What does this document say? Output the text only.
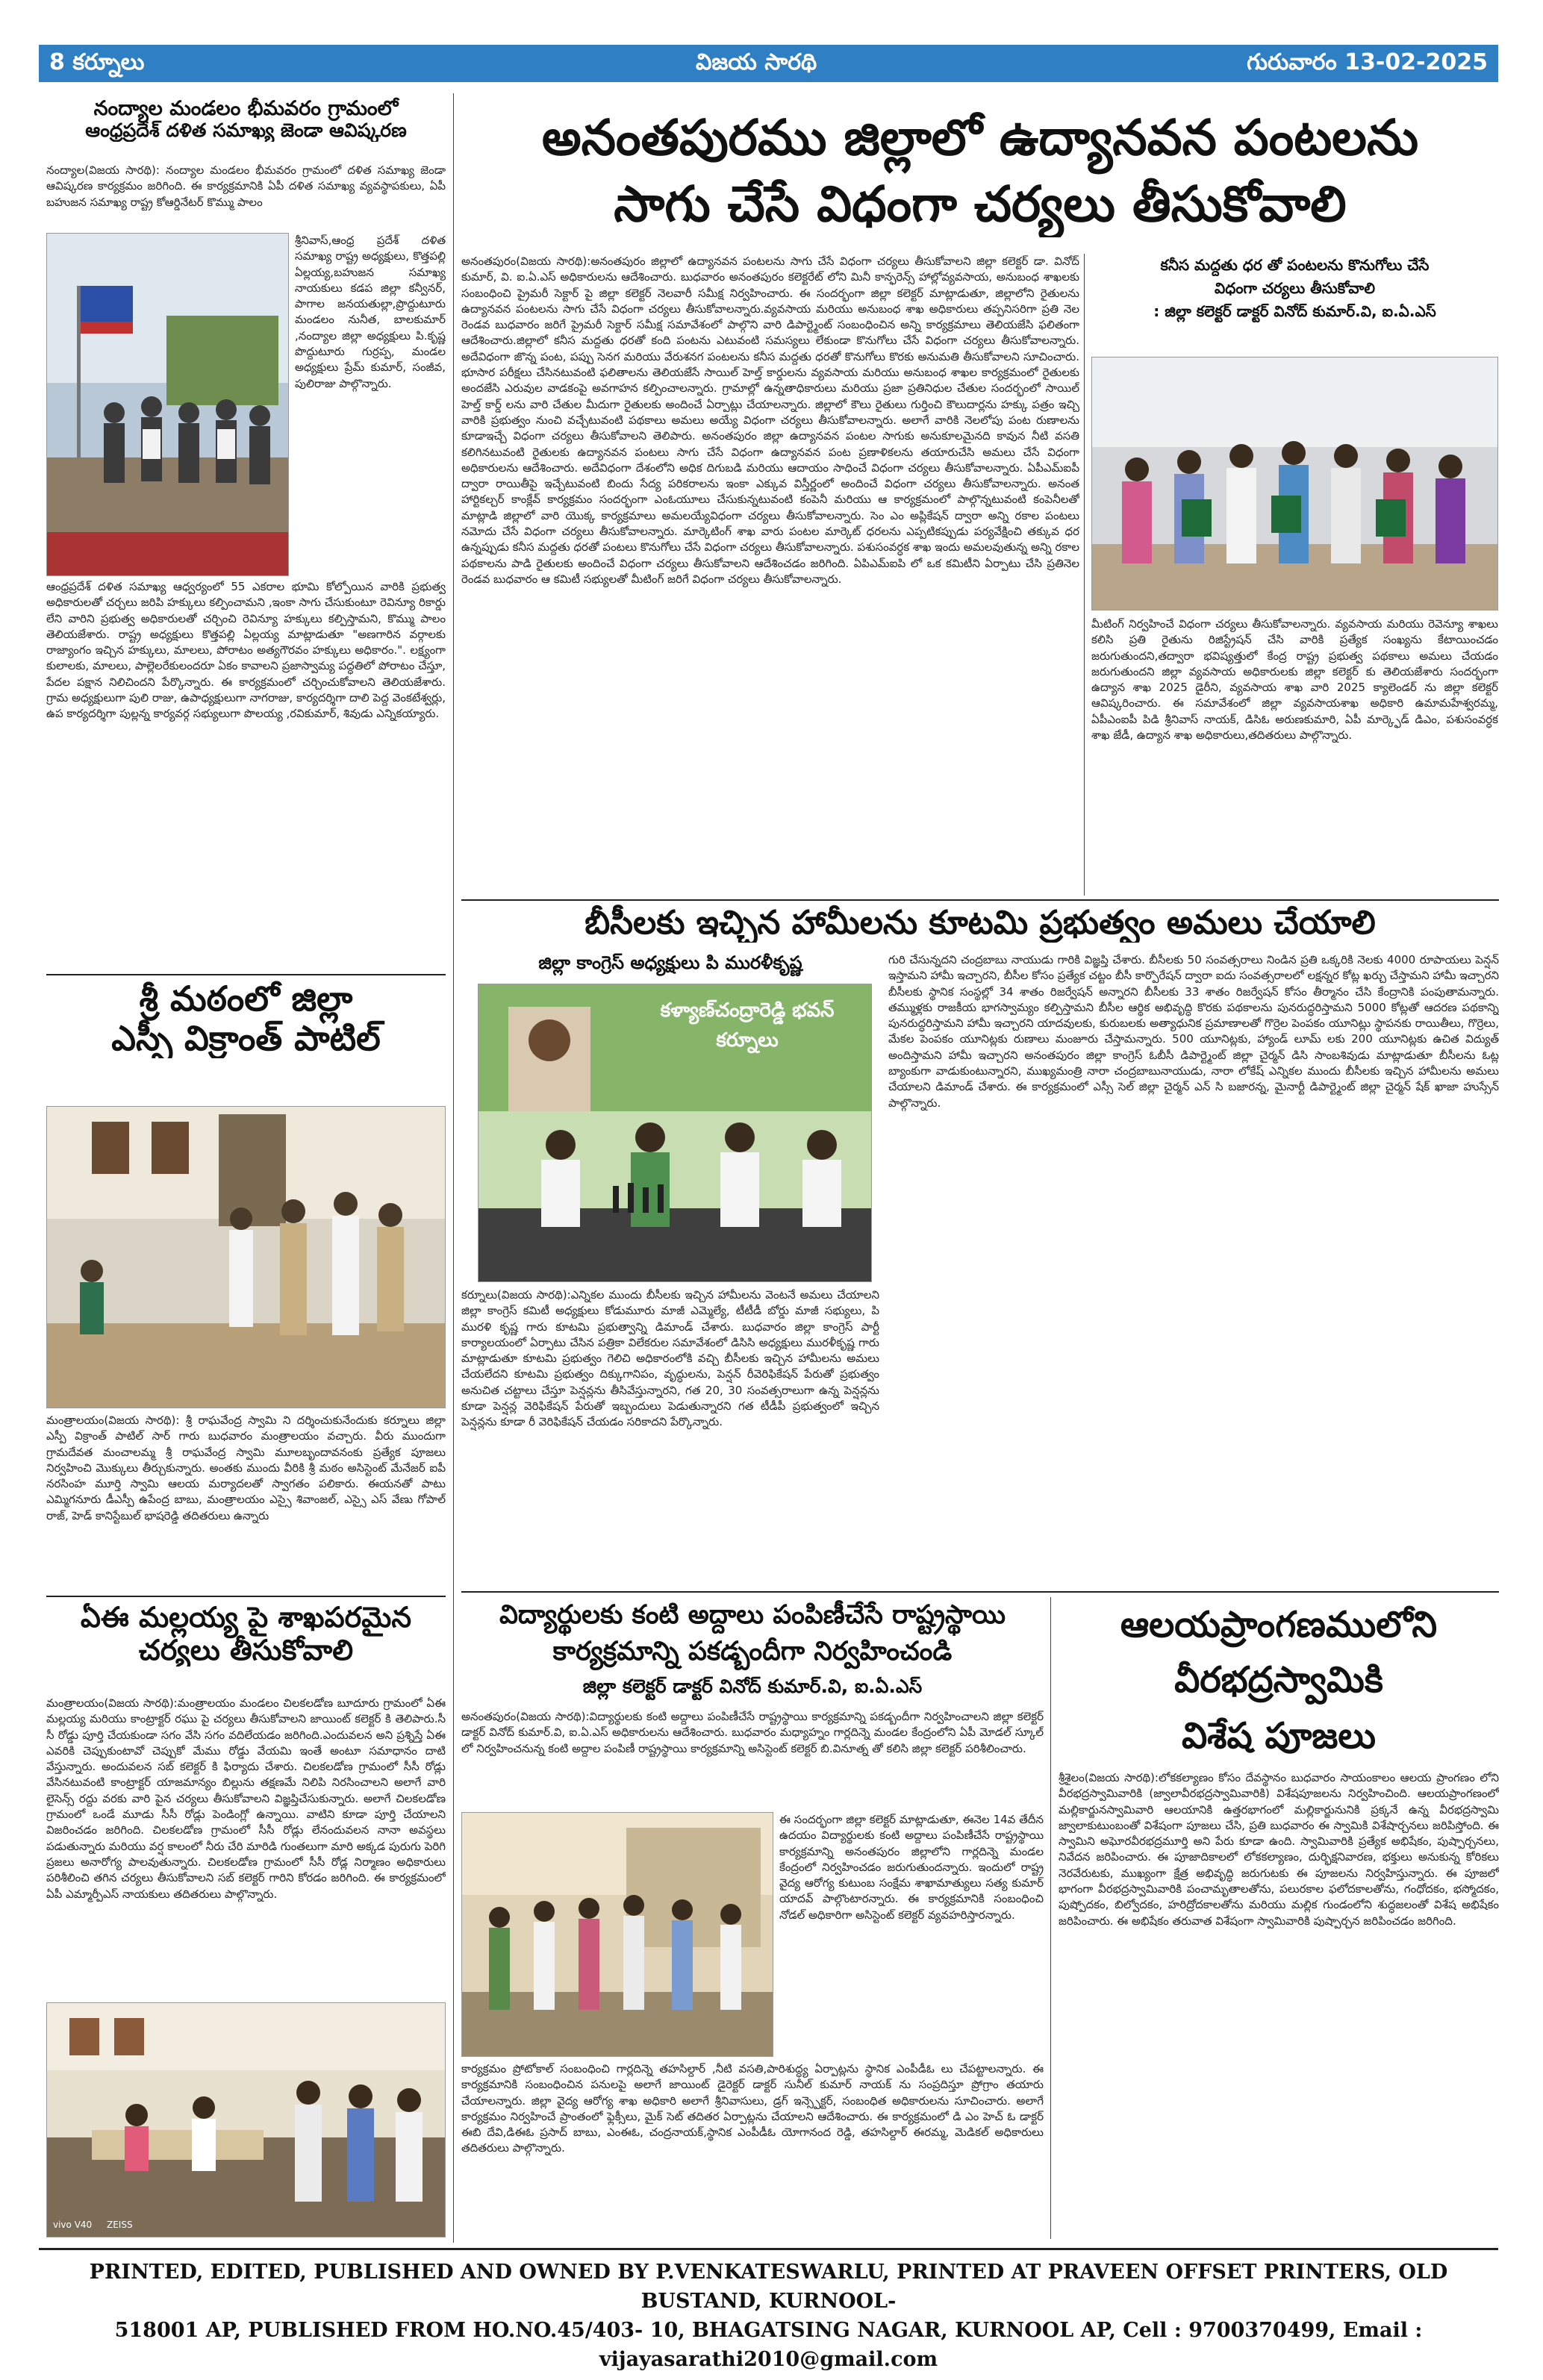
8 కర్నూలు	విజయ సారథి	గురువారం 13-02-2025
నంద్యాల మండలం భీమవరం గ్రామంలో
ఆంధ్రప్రదేశ్ దళిత సమాఖ్య జెండా ఆవిష్కరణ
నంద్యాల(విజయ సారథి): నంద్యాల మండలం భీమవరం గ్రామంలో దళిత సమాఖ్య జెండా ఆవిష్కరణ కార్యక్రమం జరిగింది. ఈ కార్యక్రమానికి ఏపీ దళిత సమాఖ్య వ్యవస్థాపకులు, ఏపీ బహుజన సమాఖ్య రాష్ట్ర కోఆర్డినేటర్ కొమ్ము పాలం
శ్రీనివాస్,ఆంధ్ర ప్రదేశ్ దళిత సమాఖ్య రాష్ట్ర అధ్యక్షులు, కొత్తపల్లి ఏల్లయ్య,బహుజన సమాఖ్య నాయకులు కడప జిల్లా కన్వీనర్, పాగాల జనయతుల్లా,ప్రొద్దుటూరు మండలం నునీత, బాలకుమార్ ,నంద్యాల జిల్లా అధ్యక్షులు పి.కృష్ణ పొద్దుటూరు గుర్రప్ప, మండల అధ్యక్షులు ప్రేమ్ కుమార్, సంజీవ, పులిరాజు పాల్గొన్నారు.
ఆంధ్రప్రదేశ్ దళిత సమాఖ్య ఆధ్వర్యంలో 55 ఎకరాల భూమి కోల్పోయిన వారికి ప్రభుత్వ అధికారులతో చర్చలు జరిపి హక్కులు కల్పించామని ,ఇంకా సాగు చేసుకుంటూ రెవిన్యూ రికార్డు లేని వారిని ప్రభుత్వ అధికారులతో చర్చించి రెవిన్యూ హక్కులు కల్పిస్తామని, కొమ్ము పాలం తెలియజేశారు. రాష్ట్ర అధ్యక్షులు కొత్తపల్లి ఏల్లయ్య మాట్లాడుతూ "అణగారిన వర్గాలకు రాజ్యాంగం ఇచ్చిన హక్కులు, మాలలు, పోరాటం అత్యగౌరవం హక్కులు అధికారం.". లక్ష్యంగా కులాలకు, మాలలు, పాల్లెలరేకులందరూ ఏకం కావాలని ప్రజాస్వామ్య పద్ధతిలో పోరాటం చేస్తూ, పేదల పక్షాన నిలిచిందని పేర్కొన్నారు. ఈ కార్యక్రమంలో చర్చించుకోవాలని తెలియజేశారు. గ్రామ అధ్యక్షులుగా పులి రాజు, ఉపాధ్యక్షులుగా నాగరాజు, కార్యదర్శిగా దాలి పెద్ద వెంకటేశ్వర్లు, ఉప కార్యదర్శిగా పుల్లన్న కార్యవర్గ సభ్యులుగా పొలయ్య ,రవికుమార్, శివుడు ఎన్నికయ్యారు.
శ్రీ మఠంలో జిల్లా
ఎస్పీ విక్రాంత్ పాటిల్
మంత్రాలయం(విజయ సారథి): శ్రీ రాఘవేంద్ర స్వామి ని దర్శించుకునేందుకు కర్నూలు జిల్లా ఎస్పీ విక్రాంత్ పాటిల్ సార్ గారు బుధవారం మంత్రాలయం వచ్చారు. వీరు ముందుగా గ్రామదేవత మంచాలమ్మ శ్రీ రాఘవేంద్ర స్వామి మూలబృందావనంకు ప్రత్యేక పూజలు నిర్వహించి మొక్కులు తీర్చుకున్నారు. అంతకు ముందు వీరికి శ్రీ మఠం అసిస్టెంట్ మేనేజర్ ఐపీ నరసింహ మూర్తి స్వామి ఆలయ మర్యాదలతో స్వాగతం పలికారు. ఈయనతో పాటు ఎమ్మిగనూరు డీఎస్పీ ఉపేంద్ర బాబు, మంత్రాలయం ఎస్సై శివాంజల్, ఎస్సై ఎస్ వేణు గోపాల్ రాజ్, హెడ్ కానిస్టేబుల్ భాషరెడ్డి తదితరులు ఉన్నారు
ఏఈ మల్లయ్య పై శాఖపరమైన
చర్యలు తీసుకోవాలి
మంత్రాలయం(విజయ సారథి):మంత్రాలయం మండలం చిలకలడోణ బూదూరు గ్రామంలో ఏఈ మల్లయ్య మరియు కాంట్రాక్టర్ రఘు పై చర్యలు తీసుకోవాలని జాయింట్ కలెక్టర్ కి తెలిపారు.సీ సీ రోడ్డు పూర్తి చేయకుండా సగం వేసి సగం వదిలేయడం జరిగింది.ఎందువలన అని ప్రశ్నిస్తే ఏఈ ఎవరికి చెప్పుకుంటావో చెప్పుకో మేము రోడ్డు వేయమి ఇంతే అంటూ సమాధానం దాటి వేస్తున్నారు. అందువలన సబ్ కలెక్టర్ కి ఫిర్యాదు చేశారు. చిలకలడోణ గ్రామంలో సీసీ రోడ్లు వేసినటువంటి కాంట్రాక్టర్ యాజమాన్యం బిల్లును తక్షణమే నిలిపి నిరసించాలని అలాగే వారి లైసెన్స్ రద్దు వరకు వారి పైన చర్యలు తీసుకోవాలని విజ్ఞప్తిచేసుకున్నారు. అలాగే చిలకలడోణ గ్రామంలో ఒండే మూడు సీసీ రోడ్లు పెండింగ్లో ఉన్నాయి. వాటిని కూడా పూర్తి చేయాలని విజరించడం జరిగింది. చిలకలడోణ గ్రామంలో సీసీ రోడ్లు లేనందువలన నానా అవస్థలు పడుతున్నారు మరియు వర్ష కాలంలో నీరు చేరి మారిడి గుంతలుగా మారి అక్కడ పురుగు పెరిగి ప్రజలు అనారోగ్య పాలవుతున్నారు. చిలకలడోణ గ్రామంలో సీసీ రోడ్ల నిర్మాణం అధికారులు పరిశీలించి తగిన చర్యలు తీసుకోవాలని సబ్ కలెక్టర్ గారిని కోరడం జరిగింది. ఈ కార్యక్రమంలో ఏపీ ఎమ్మార్పీఎస్ నాయకులు తదితరులు పాల్గొన్నారు.
vivo V40 ZEISS
అనంతపురము జిల్లాలో ఉద్యానవన పంటలను
సాగు చేసే విధంగా చర్యలు తీసుకోవాలి
అనంతపురం(విజయ సారథి):అనంతపురం జిల్లాలో ఉద్యానవన పంటలను సాగు చేసే విధంగా చర్యలు తీసుకోవాలని జిల్లా కలెక్టర్ డా. వినోద్ కుమార్, వి. ఐ.ఏ.ఎస్ అధికారులను ఆదేశించారు. బుధవారం అనంతపురం కలెక్టరేట్ లోని మినీ కాన్ఫరెన్స్ హాల్లోవ్యవసాయ, అనుబంధ శాఖలకు సంబంధించి ప్రైమరీ సెక్టార్ పై జిల్లా కలెక్టర్ నెలవారీ సమీక్ష నిర్వహించారు. ఈ సందర్భంగా జిల్లా కలెక్టర్ మాట్లాడుతూ, జిల్లాలోని రైతులను ఉద్యానవన పంటలను సాగు చేసే విధంగా చర్యలు తీసుకోవాలన్నారు.వ్యవసాయ మరియు అనుబంధ శాఖ అధికారులు తప్పనిసరిగా ప్రతి నెల రెండవ బుధవారం జరిగే ప్రైమరీ సెక్టార్ సమీక్ష సమావేశంలో పాల్గొని వారి డిపార్ట్మెంట్ సంబంధించిన అన్ని కార్యక్రమాలు తెలియజేసి ఫలితంగా ఆదేశించారు.జిల్లాలో కనీస మద్దతు ధరతో కంది పంటను ఎటువంటి సమస్యలు లేకుండా కొనుగోలు చేసే విధంగా చర్యలు తీసుకోవాలన్నారు. అదేవిధంగా జొన్న పంట, పప్పు సెనగ మరియు వేరుశనగ పంటలను కనీస మద్దతు ధరతో కొనుగోలు కొరకు అనుమతి తీసుకోవాలని సూచించారు. భూసార పరీక్షలు చేసినటువంటి ఫలితాలను తెలియజేసే సాయిల్ హెల్త్ కార్డులను వ్యవసాయ మరియు అనుబంధ శాఖల కార్యక్రమంలో రైతులకు అందజేసి ఎరువుల వాడకంపై అవగాహన కల్పించాలన్నారు. గ్రామాల్లో ఉన్నతాధికారులు మరియు ప్రజా ప్రతినిధుల చేతుల సందర్భంలో సాయిల్ హెల్త్ కార్డ్ లను వారి చేతుల మీదుగా రైతులకు అందించే ఏర్పాట్లు చేయాలన్నారు. జిల్లాలో కౌలు రైతులు గుర్తించి కౌలుదార్లను హక్కు పత్రం ఇచ్చి వారికి ప్రభుత్వం నుంచి వచ్చేటువంటి పథకాలు అమలు అయ్యే విధంగా చర్యలు తీసుకోవాలన్నారు. అలాగే వారికి నెలలోపు పంట రుణాలను కూడాఇచ్చే విధంగా చర్యలు తీసుకోవాలని తెలిపారు. అనంతపురం జిల్లా ఉద్యానవన పంటల సాగుకు అనుకూలమైనది కావున నీటి వసతి కలిగినటువంటి రైతులకు ఉద్యానవన పంటలు సాగు చేసే విధంగా ఉద్యానవన పంట ప్రణాళికలను తయారుచేసి అమలు చేసే విధంగా అధికారులను ఆదేశించారు. అదేవిధంగా దేశంలోని అధిక దిగుబడి మరియు ఆదాయం సాధించే విధంగా చర్యలు తీసుకోవాలన్నారు. ఏపీఎమ్ఐపీ ద్వారా రాయితీపై ఇచ్చేటువంటి బిందు సేద్య పరికరాలను ఇంకా ఎక్కువ విస్తీర్ణంలో అందించే విధంగా చర్యలు తీసుకోవాలన్నారు. అనంత హార్టికల్చర్ కాంక్లేవ్ కార్యక్రమం సందర్భంగా ఎంఓయూలు చేసుకున్నటువంటి కంపెనీ మరియు ఆ కార్యక్రమంలో పాల్గొన్నటువంటి కంపెనీలతో మాట్లాడి జిల్లాలో వారి యొక్క కార్యక్రమాలు అమలయ్యేవిధంగా చర్యలు తీసుకోవాలన్నారు. సెం ఎం అప్లికేషన్ ద్వారా అన్ని రకాల పంటలు నమోదు చేసే విధంగా చర్యలు తీసుకోవాలన్నారు. మార్కెటింగ్ శాఖ వారు పంటల మార్కెట్ ధరలను ఎప్పటికప్పుడు పర్యవేక్షించి తక్కువ ధర ఉన్నప్పుడు కనీస మద్దతు ధరతో పంటలు కొనుగోలు చేసే విధంగా చర్యలు తీసుకోవాలన్నారు. పశుసంవర్ధక శాఖ ఇందు అమలవుతున్న అన్ని రకాల పథకాలను పాడి రైతులకు అందించే విధంగా చర్యలు తీసుకోవాలని ఆదేశించడం జరిగింది. ఏపిఎమ్ఐపి లో ఒక కమిటీని ఏర్పాటు చేసి ప్రతినెల రెండవ బుధవారం ఆ కమిటీ సభ్యులతో మీటింగ్ జరిగే విధంగా చర్యలు తీసుకోవాలన్నారు.
కనీస మద్దతు ధర తో పంటలను కొనుగోలు చేసే
విధంగా చర్యలు తీసుకోవాలి
: జిల్లా కలెక్టర్ డాక్టర్ వినోద్ కుమార్.వి, ఐ.ఏ.ఎస్
మీటింగ్ నిర్వహించే విధంగా చర్యలు తీసుకోవాలన్నారు. వ్యవసాయ మరియు రెవెన్యూ శాఖలు కలిసి ప్రతి రైతును రిజిస్ట్రేషన్ చేసి వారికి ప్రత్యేక సంఖ్యను కేటాయించడం జరుగుతుందని,తద్వారా భవిష్యత్తులో కేంద్ర రాష్ట్ర ప్రభుత్వ పథకాలు అమలు చేయడం జరుగుతుందని జిల్లా వ్యవసాయ అధికారులకు జిల్లా కలెక్టర్ కు తెలియజేశారు సందర్భంగా ఉద్యాన శాఖ 2025 డైరీని, వ్యవసాయ శాఖ వారి 2025 క్యాలెండర్ ను జిల్లా కలెక్టర్ ఆవిష్కరించారు. ఈ సమావేశంలో జిల్లా వ్యవసాయశాఖ అధికారి ఉమామహేశ్వరమ్మ, ఏపీఎంఐపీ పిడి శ్రీనివాస్ నాయక్, డిసిఓ అరుణకుమారి, ఏపీ మార్క్ఫెడ్ డిఎం, పశుసంవర్ధక శాఖ జేడీ, ఉద్యాన శాఖ అధికారులు,తదితరులు పాల్గొన్నారు.
బీసీలకు ఇచ్చిన హామీలను కూటమి ప్రభుత్వం అమలు చేయాలి
జిల్లా కాంగ్రెస్ అధ్యక్షులు పి మురళీకృష్ణ
కళ్యాణ్‌చంద్రారెడ్డి భవన్
కర్నూలు
కర్నూలు(విజయ సారథి):ఎన్నికల ముందు బీసీలకు ఇచ్చిన హామీలను వెంటనే అమలు చేయాలని జిల్లా కాంగ్రెస్ కమిటీ అధ్యక్షులు కోడుమూరు మాజీ ఎమ్మెల్యే, టీటీడీ బోర్డు మాజీ సభ్యులు, పి మురళి కృష్ణ గారు కూటమి ప్రభుత్వాన్ని డిమాండ్ చేశారు. బుధవారం జిల్లా కాంగ్రెస్ పార్టీ కార్యాలయంలో ఏర్పాటు చేసిన పత్రికా విలేకరుల సమావేశంలో డిసిసి అధ్యక్షులు మురళీకృష్ణ గారు మాట్లాడుతూ కూటమి ప్రభుత్వం గెలిచి అధికారంలోకి వచ్చి బీసీలకు ఇచ్చిన హామీలను అమలు చేయలేదని కూటమి ప్రభుత్వం దిక్కుగానిపం, వృద్ధులను, పెన్షన్ రీవెరిఫికేషన్ పేరుతో ప్రభుత్వం అనుచిత చట్టాలు చేస్తూ పెన్షన్లను తీసివేస్తున్నారని, గత 20, 30 సంవత్సరాలుగా ఉన్న పెన్షన్లను కూడా పెన్షన్ల వెరిఫికేషన్ పేరుతో ఇబ్బందులు పెడుతున్నారని గత టీడీపీ ప్రభుత్వంలో ఇచ్చిన పెన్షన్లను కూడా రీ వెరిఫికేషన్ చేయడం సరికాదని పేర్కొన్నారు.
గురి చేసున్నదని చంద్రబాబు నాయుడు గారికి విజ్ఞప్తి చేశారు. బీసీలకు 50 సంవత్సరాలు నిండిన ప్రతి ఒక్కరికి నెలకు 4000 రూపాయలు పెన్షన్ ఇస్తామని హామీ ఇచ్చారని, బీసీల కోసం ప్రత్యేక చట్టం బీసీ కార్పొరేషన్ ద్వారా ఐదు సంవత్సరాలలో లక్షన్నర కోట్ల ఖర్చు చేస్తామని హామీ ఇచ్చారని బీసీలకు స్థానిక సంస్థల్లో 34 శాతం రిజర్వేషన్ అన్నారని బీసీలకు 33 శాతం రిజర్వేషన్ కోసం తీర్మానం చేసి కేంద్రానికి పంపుతామన్నారు. తమ్ముళ్లకు రాజకీయ భాగస్వామ్యం కల్పిస్తామని బీసీల ఆర్థిక అభివృద్ధి కొరకు పథకాలను పునరుద్ధరిస్తామని 5000 కోట్లతో ఆదరణ పథకాన్ని పునరుద్ధరిస్తామని హామీ ఇచ్చారని యాదవులకు, కురుబలకు అత్యాధునిక ప్రమాణాలతో గొర్రెల పెంపకం యూనిట్లు స్థాపనకు రాయితీలు, గొర్రెలు, మేకల పెంపకం యూనిట్లకు రుణాలు మంజూరు చేస్తామన్నారు. 500 యూనిట్లకు, హ్యాండ్ లూమ్ లకు 200 యూనిట్లకు ఉచిత విద్యుత్ అందిస్తామని హామీ ఇచ్చారని అనంతపురం జిల్లా కాంగ్రెస్ ఓబీసీ డిపార్ట్మెంట్ జిల్లా చైర్మన్ డిసి సాంబశివుడు మాట్లాడుతూ బీసీలను ఓట్ల బ్యాంకుగా వాడుకుంటున్నారని, ముఖ్యమంత్రి నారా చంద్రబాబునాయుడు, నారా లోకేష్ ఎన్నికల ముందు బీసీలకు ఇచ్చిన హామీలను అమలు చేయాలని డిమాండ్ చేశారు. ఈ కార్యక్రమంలో ఎస్సీ సెల్ జిల్లా చైర్మన్ ఎన్ సి బజారన్న, మైనార్టీ డిపార్ట్మెంట్ జిల్లా చైర్మన్ షేక్ ఖాజా హుస్సేన్ పాల్గొన్నారు.
విద్యార్థులకు కంటి అద్దాలు పంపిణీచేసే రాష్ట్రస్థాయి
కార్యక్రమాన్ని పకడ్బందీగా నిర్వహించండి
జిల్లా కలెక్టర్ డాక్టర్ వినోద్ కుమార్.వి, ఐ.ఏ.ఎస్
అనంతపురం(విజయ సారథి):విద్యార్థులకు కంటి అద్దాలు పంపిణీచేసే రాష్ట్రస్థాయి కార్యక్రమాన్ని పకడ్బందీగా నిర్వహించాలని జిల్లా కలెక్టర్ డాక్టర్ వినోద్ కుమార్.వి, ఐ.ఏ.ఎస్ అధికారులను ఆదేశించారు. బుధవారం మధ్యాహ్నం గార్లదిన్నె మండల కేంద్రంలోని ఏపీ మోడల్ స్కూల్ లో నిర్వహించనున్న కంటి అద్దాల పంపిణీ రాష్ట్రస్థాయి కార్యక్రమాన్ని అసిస్టెంట్ కలెక్టర్ బి.వినూత్న తో కలిసి జిల్లా కలెక్టర్ పరిశీలించారు.
ఈ సందర్భంగా జిల్లా కలెక్టర్ మాట్లాడుతూ, ఈనెల 14వ తేదీన ఉదయం విద్యార్థులకు కంటి అద్దాలు పంపిణీచేసే రాష్ట్రస్థాయి కార్యక్రమాన్ని అనంతపురం జిల్లాలోని గార్లదిన్నె మండల కేంద్రంలో నిర్వహించడం జరుగుతుందన్నారు. ఇందులో రాష్ట్ర వైద్య ఆరోగ్య కుటుంబ సంక్షేమ శాఖామాత్యులు సత్య కుమార్ యాదవ్ పాల్గొంటారన్నారు. ఈ కార్యక్రమానికి సంబంధించి నోడల్ అధికారిగా అసిస్టెంట్ కలెక్టర్ వ్యవహరిస్తారన్నారు.
కార్యక్రమం ప్రోటోకాల్ సంబంధించి గార్లదిన్నె తహసిల్దార్ ,నీటి వసతి,పారిశుద్ధ్య ఏర్పాట్లను స్థానిక ఎంపీడీఓ లు చేపట్టాలన్నారు. ఈ కార్యక్రమానికి సంబంధించిన పనులపై అలాగే జాయింట్ డైరెక్టర్ డాక్టర్ సునీల్ కుమార్ నాయక్ ను సంప్రదిస్తూ ప్రోగ్రాం తయారు చేయాలన్నారు. జిల్లా వైద్య ఆరోగ్య శాఖ అధికారి అలాగే శ్రీనివాసులు, డ్రగ్ ఇన్స్పెక్టర్, సంబంధిత అధికారులను సూచించారు. అలాగే కార్యక్రమం నిర్వహించే ప్రాంతంలో ఫ్లెక్సీలు, మైక్ సెట్ తదితర ఏర్పాట్లను చేయాలని ఆదేశించారు. ఈ కార్యక్రమంలో డి ఎం హెచ్ ఓ డాక్టర్ ఈబి దేవి,డిఈఓ ప్రసాద్ బాబు, ఎంఈఓ, చంద్రనాయక్,స్థానిక ఎంపీడీఓ యోగానంద రెడ్డి, తహసిల్దార్ ఈరమ్మ, మెడికల్ అధికారులు తదితరులు పాల్గొన్నారు.
ఆలయప్రాంగణములోని
వీరభద్రస్వామికి
విశేష పూజలు
శ్రీశైలం(విజయ సారథి):లోకకల్యాణం కోసం దేవస్థానం బుధవారం సాయంకాలం ఆలయ ప్రాంగణం లోని వీరభద్రస్వామివారికి (జ్వాలావీరభద్రస్వామివారికి) విశేషపూజలను నిర్వహించింది. ఆలయప్రాంగణంలో మల్లికార్జునస్వామివారి ఆలయానికి ఉత్తరభాగంలో మల్లికార్జునునికి ప్రక్కనే ఉన్న వీరభద్రస్వామి జ్వాలాకుటుంబంతో విశేషంగా పూజలు చేసి, ప్రతి బుధవారం ఈ స్వామికి విశేషార్చనలు జరిపిస్తోంది. ఈ స్వామిని అఘోరవీరభద్రమూర్తి అని పేరు కూడా ఉంది. స్వామివారికి ప్రత్యేక అభిషేకం, పుష్పార్చనలు, నివేదన జరిపించారు. ఈ పూజాదికాలలో లోకకల్యాణం, దుర్భిక్షనివారణ, భక్తులు అనుకున్న కోరికలు నెరవేరుటకు, ముఖ్యంగా క్షేత్ర అభివృద్ధి జరుగుటకు ఈ పూజలను నిర్వహిస్తున్నారు. ఈ పూజలో భాగంగా వీరభద్రస్వామివారికి పంచామృతాలతోను, పలురకాల ఫలోదకాలతోను, గంధోదకం, భస్మోదకం, పుష్పోదకం, బిల్వోదకం, హరిద్రోదకాలతోను మరియు మల్లిక గుండంలోని శుద్ధజలంతో విశేష అభిషేకం జరిపించారు. ఈ అభిషేకం తరువాత విశేషంగా స్వామివారికి పుష్పార్చన జరిపించడం జరిగింది.
PRINTED, EDITED, PUBLISHED AND OWNED BY P.VENKATESWARLU, PRINTED AT PRAVEEN OFFSET PRINTERS, OLD BUSTAND, KURNOOL-
518001 AP, PUBLISHED FROM HO.NO.45/403- 10, BHAGATSING NAGAR, KURNOOL AP, Cell : 9700370499, Email : vijayasarathi2010@gmail.com
